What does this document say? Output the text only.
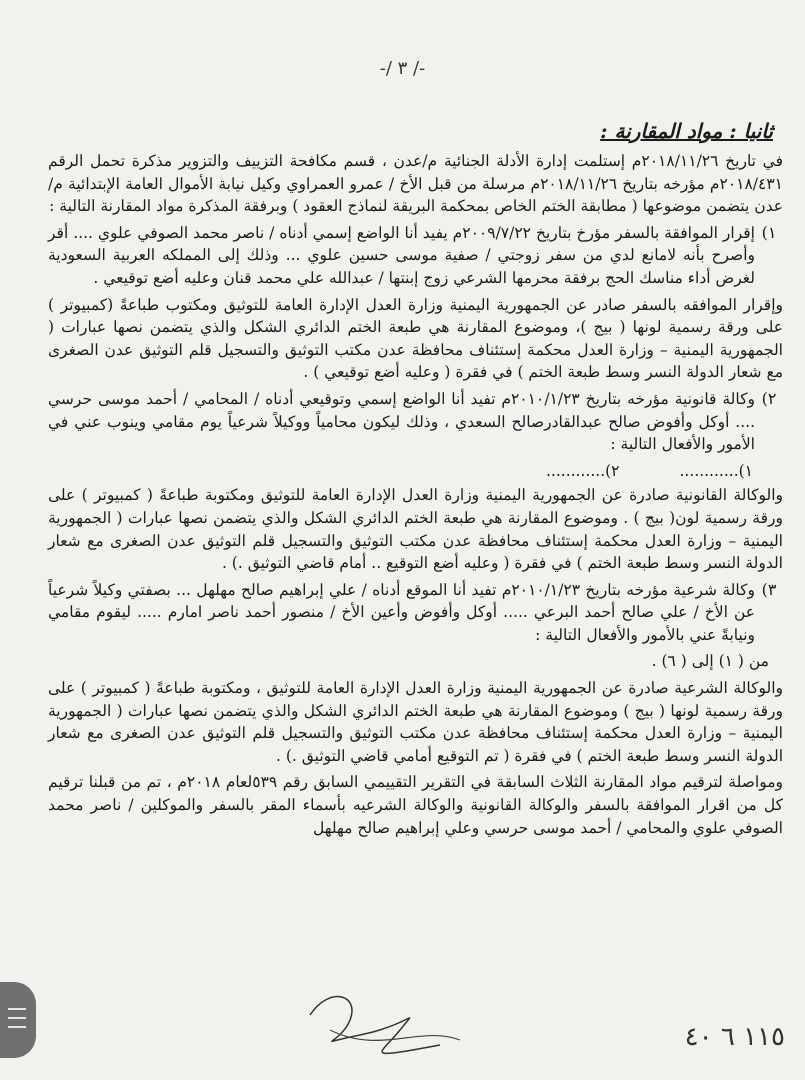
-/ ٣ /-
ثانيا : مواد المقارنة :

في تاريخ ٢٠١٨/١١/٢٦م إستلمت إدارة الأدلة الجنائية م/عدن ، قسم مكافحة التزييف والتزوير مذكرة تحمل الرقم ٢٠١٨/٤٣١م مؤرخه بتاريخ ٢٠١٨/١١/٢٦م مرسلة من قبل الأخ / عمرو العمراوي وكيل نيابة الأموال العامة الإبتدائية م/عدن يتضمن موضوعها ( مطابقة الختم الخاص بمحكمة البريقة لنماذج العقود ) وبرفقة المذكرة مواد المقارنة التالية :

١)
إقرار الموافقة بالسفر مؤرخ بتاريخ ٢٠٠٩/٧/٢٢م يفيد أنا الواضع إسمي أدناه / ناصر محمد الصوفي علوي .... أقر وأصرح بأنه لامانع لدي من سفر زوجتي / صفية موسى حسين علوي ... وذلك إلى المملكه العربية السعودية لغرض أداء مناسك الحج برفقة محرمها الشرعي زوج إبنتها / عبدالله علي محمد قنان وعليه أضع توقيعي .

وإقرار الموافقه بالسفر صادر عن الجمهورية اليمنية وزارة العدل الإدارة العامة للتوثيق ومكتوب طباعةً (كمبيوتر ) على ورقة رسمية لونها ( بيج )، وموضوع المقارنة هي طبعة الختم الدائري الشكل والذي يتضمن نصها عبارات ( الجمهورية اليمنية – وزارة العدل محكمة إستئناف محافظة عدن مكتب التوثيق والتسجيل قلم التوثيق عدن الصغرى مع شعار الدولة النسر وسط طبعة الختم ) في فقرة ( وعليه أضع توقيعي ) .

٢)
وكالة قانونية مؤرخه بتاريخ ٢٠١٠/١/٢٣م تفيد أنا الواضع إسمي وتوقيعي أدناه / المحامي / أحمد موسى حرسي .... أوكل وأفوض صالح عبدالقادرصالح السعدي ، وذلك ليكون محامياً ووكيلاً شرعياً يوم مقامي وينوب عني في الأمور والأفعال التالية :
١)............
٢)............

والوكالة القانونية صادرة عن الجمهورية اليمنية وزارة العدل الإدارة العامة للتوثيق ومكتوبة طباعةً ( كمبيوتر ) على ورقة رسمية لون( بيج ) . وموضوع المقارنة هي طبعة الختم الدائري الشكل والذي يتضمن نصها عبارات ( الجمهورية اليمنية – وزارة العدل محكمة إستئناف محافظة عدن مكتب التوثيق والتسجيل قلم التوثيق عدن الصغرى مع شعار الدولة النسر وسط طبعة الختم ) في فقرة ( وعليه أضع التوقيع .. أمام قاضي التوثيق .) .

٣)
وكالة شرعية مؤرخه بتاريخ ٢٠١٠/١/٢٣م تفيد أنا الموقع أدناه / علي إبراهيم صالح مهلهل ... بصفتي وكيلاً شرعياً عن الأخ / علي صالح أحمد البرعي ..... أوكل وأفوض وأعين الأخ / منصور أحمد ناصر امارم ..... ليقوم مقامي ونيابةً عني بالأمور والأفعال التالية :

من ( ١) إلى ( ٦) .

والوكالة الشرعية صادرة عن الجمهورية اليمنية وزارة العدل الإدارة العامة للتوثيق ، ومكتوبة طباعةً ( كمبيوتر ) على ورقة رسمية لونها ( بيج ) وموضوع المقارنة هي طبعة الختم الدائري الشكل والذي يتضمن نصها عبارات ( الجمهورية اليمنية – وزارة العدل محكمة إستئناف محافظة عدن مكتب التوثيق والتسجيل قلم التوثيق عدن الصغرى مع شعار الدولة النسر وسط طبعة الختم ) في فقرة ( تم التوقيع أمامي قاضي التوثيق .) .

ومواصلة لترقيم مواد المقارنة الثلاث السابقة في التقرير التقييمي السابق رقم ٥٣٩لعام ٢٠١٨م ، تم من قبلنا ترقيم كل من اقرار الموافقة بالسفر والوكالة القانونية والوكالة الشرعيه بأسماء المقر بالسفر والموكلين / ناصر محمد الصوفي علوي والمحامي / أحمد موسى حرسي وعلي إبراهيم صالح مهلهل

١١٥ ٦ ٤٠
